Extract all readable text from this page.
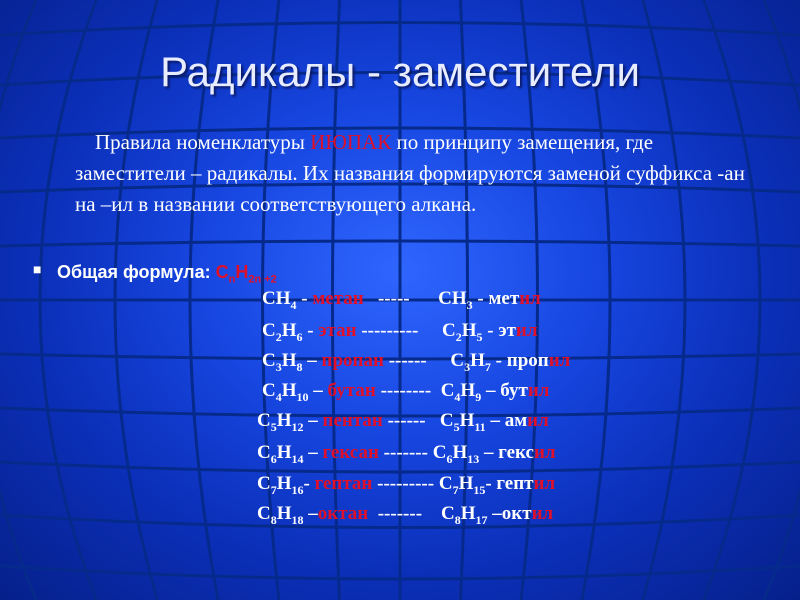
Радикалы - заместители
Правила номенклатуры ИЮПАК по принципу замещения, где заместители – радикалы. Их названия формируются заменой суффикса -ан на –ил в названии соответствующего алкана.
■ Общая формула: $C_nH_{2n +2}$
$CH_4$ - метан   -----      $CH_3$ - метил
$C_2H_6$ - этан ---------     $C_2H_5$ - этил
$C_3H_8$ – пропан ------     $C_3H_7$ - пропил
$C_4H_{10}$ – бутан --------  $C_4H_9$ – бутил
$C_5H_{12}$ – пентан ------   $C_5H_{11}$ – амил
$C_6H_{14}$ – гексан ------- $C_6H_{13}$ – гексил
$C_7H_{16}-$ гептан --------- $C_7H_{15}-$ гептил
$C_8H_{18}$ –октан  -------    $C_8H_{17}$ –октил
